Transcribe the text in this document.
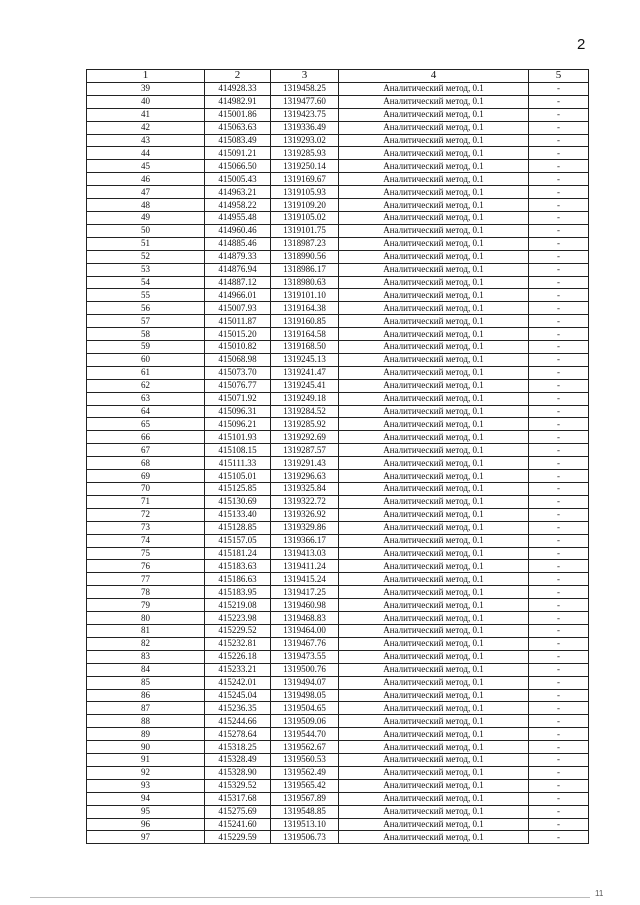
2
1	2	3	4	5
39	414928.33	1319458.25	Аналитический метод, 0.1	-
40	414982.91	1319477.60	Аналитический метод, 0.1	-
41	415001.86	1319423.75	Аналитический метод, 0.1	-
42	415063.63	1319336.49	Аналитический метод, 0.1	-
43	415083.49	1319293.02	Аналитический метод, 0.1	-
44	415091.21	1319285.93	Аналитический метод, 0.1	-
45	415066.50	1319250.14	Аналитический метод, 0.1	-
46	415005.43	1319169.67	Аналитический метод, 0.1	-
47	414963.21	1319105.93	Аналитический метод, 0.1	-
48	414958.22	1319109.20	Аналитический метод, 0.1	-
49	414955.48	1319105.02	Аналитический метод, 0.1	-
50	414960.46	1319101.75	Аналитический метод, 0.1	-
51	414885.46	1318987.23	Аналитический метод, 0.1	-
52	414879.33	1318990.56	Аналитический метод, 0.1	-
53	414876.94	1318986.17	Аналитический метод, 0.1	-
54	414887.12	1318980.63	Аналитический метод, 0.1	-
55	414966.01	1319101.10	Аналитический метод, 0.1	-
56	415007.93	1319164.38	Аналитический метод, 0.1	-
57	415011.87	1319160.85	Аналитический метод, 0.1	-
58	415015.20	1319164.58	Аналитический метод, 0.1	-
59	415010.82	1319168.50	Аналитический метод, 0.1	-
60	415068.98	1319245.13	Аналитический метод, 0.1	-
61	415073.70	1319241.47	Аналитический метод, 0.1	-
62	415076.77	1319245.41	Аналитический метод, 0.1	-
63	415071.92	1319249.18	Аналитический метод, 0.1	-
64	415096.31	1319284.52	Аналитический метод, 0.1	-
65	415096.21	1319285.92	Аналитический метод, 0.1	-
66	415101.93	1319292.69	Аналитический метод, 0.1	-
67	415108.15	1319287.57	Аналитический метод, 0.1	-
68	415111.33	1319291.43	Аналитический метод, 0.1	-
69	415105.01	1319296.63	Аналитический метод, 0.1	-
70	415125.85	1319325.84	Аналитический метод, 0.1	-
71	415130.69	1319322.72	Аналитический метод, 0.1	-
72	415133.40	1319326.92	Аналитический метод, 0.1	-
73	415128.85	1319329.86	Аналитический метод, 0.1	-
74	415157.05	1319366.17	Аналитический метод, 0.1	-
75	415181.24	1319413.03	Аналитический метод, 0.1	-
76	415183.63	1319411.24	Аналитический метод, 0.1	-
77	415186.63	1319415.24	Аналитический метод, 0.1	-
78	415183.95	1319417.25	Аналитический метод, 0.1	-
79	415219.08	1319460.98	Аналитический метод, 0.1	-
80	415223.98	1319468.83	Аналитический метод, 0.1	-
81	415229.52	1319464.00	Аналитический метод, 0.1	-
82	415232.81	1319467.76	Аналитический метод, 0.1	-
83	415226.18	1319473.55	Аналитический метод, 0.1	-
84	415233.21	1319500.76	Аналитический метод, 0.1	-
85	415242.01	1319494.07	Аналитический метод, 0.1	-
86	415245.04	1319498.05	Аналитический метод, 0.1	-
87	415236.35	1319504.65	Аналитический метод, 0.1	-
88	415244.66	1319509.06	Аналитический метод, 0.1	-
89	415278.64	1319544.70	Аналитический метод, 0.1	-
90	415318.25	1319562.67	Аналитический метод, 0.1	-
91	415328.49	1319560.53	Аналитический метод, 0.1	-
92	415328.90	1319562.49	Аналитический метод, 0.1	-
93	415329.52	1319565.42	Аналитический метод, 0.1	-
94	415317.68	1319567.89	Аналитический метод, 0.1	-
95	415275.69	1319548.85	Аналитический метод, 0.1	-
96	415241.60	1319513.10	Аналитический метод, 0.1	-
97	415229.59	1319506.73	Аналитический метод, 0.1	-
11
